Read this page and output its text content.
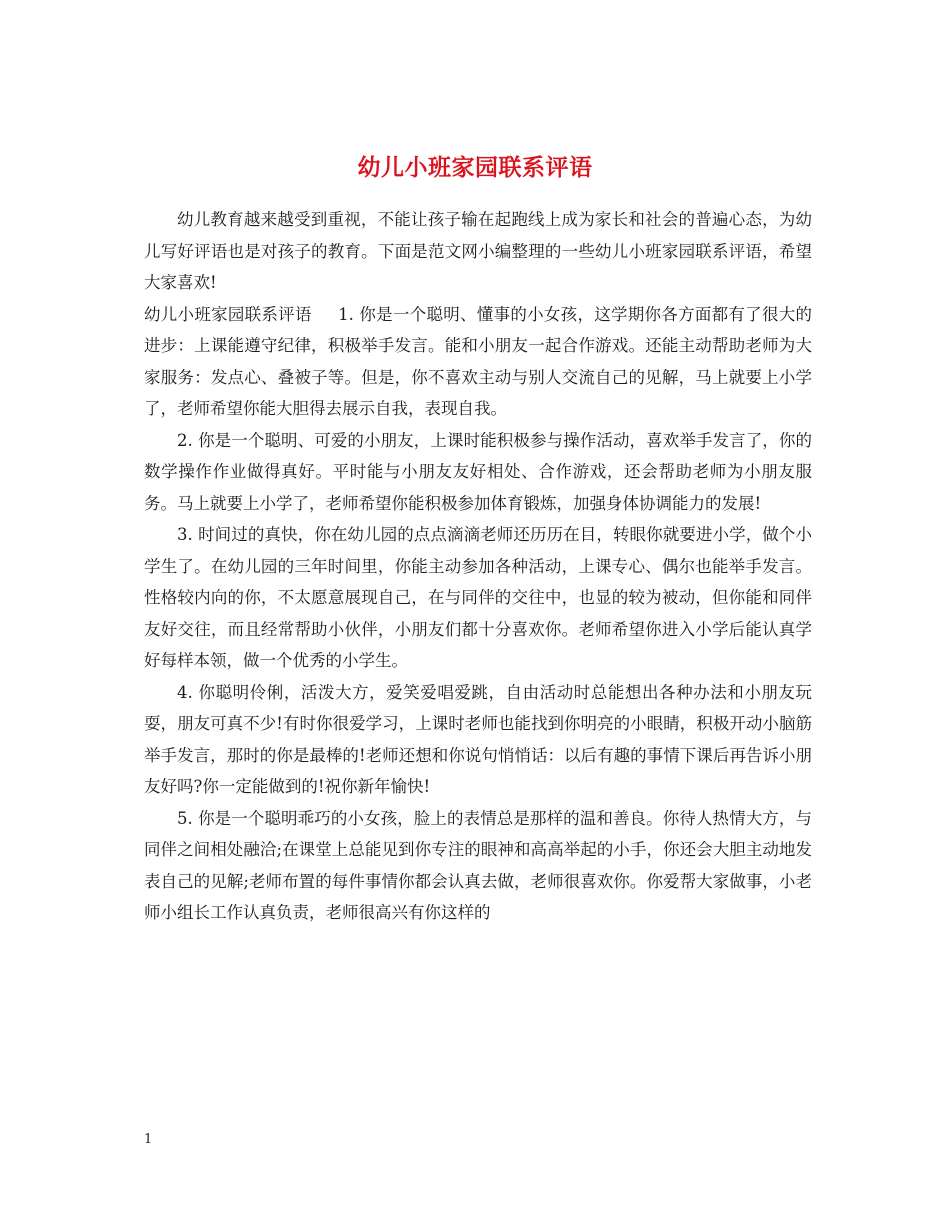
幼儿小班家园联系评语

幼儿教育越来越受到重视，不能让孩子输在起跑线上成为家长和社会的普遍心态，为幼儿写好评语也是对孩子的教育。下面是范文网小编整理的一些幼儿小班家园联系评语，希望大家喜欢!

幼儿小班家园联系评语 1. 你是一个聪明、懂事的小女孩，这学期你各方面都有了很大的进步：上课能遵守纪律，积极举手发言。能和小朋友一起合作游戏。还能主动帮助老师为大家服务：发点心、叠被子等。但是，你不喜欢主动与别人交流自己的见解，马上就要上小学了，老师希望你能大胆得去展示自我，表现自我。

2. 你是一个聪明、可爱的小朋友，上课时能积极参与操作活动，喜欢举手发言了，你的数学操作作业做得真好。平时能与小朋友友好相处、合作游戏，还会帮助老师为小朋友服务。马上就要上小学了，老师希望你能积极参加体育锻炼，加强身体协调能力的发展!

3. 时间过的真快，你在幼儿园的点点滴滴老师还历历在目，转眼你就要进小学，做个小学生了。在幼儿园的三年时间里，你能主动参加各种活动，上课专心、偶尔也能举手发言。性格较内向的你，不太愿意展现自己，在与同伴的交往中，也显的较为被动，但你能和同伴友好交往，而且经常帮助小伙伴，小朋友们都十分喜欢你。老师希望你进入小学后能认真学好每样本领，做一个优秀的小学生。

4. 你聪明伶俐，活泼大方，爱笑爱唱爱跳，自由活动时总能想出各种办法和小朋友玩耍，朋友可真不少!有时你很爱学习，上课时老师也能找到你明亮的小眼睛，积极开动小脑筋举手发言，那时的你是最棒的!老师还想和你说句悄悄话：以后有趣的事情下课后再告诉小朋友好吗?你一定能做到的!祝你新年愉快!

5. 你是一个聪明乖巧的小女孩，脸上的表情总是那样的温和善良。你待人热情大方，与同伴之间相处融洽;在课堂上总能见到你专注的眼神和高高举起的小手，你还会大胆主动地发表自己的见解;老师布置的每件事情你都会认真去做，老师很喜欢你。你爱帮大家做事，小老师小组长工作认真负责，老师很高兴有你这样的

1
